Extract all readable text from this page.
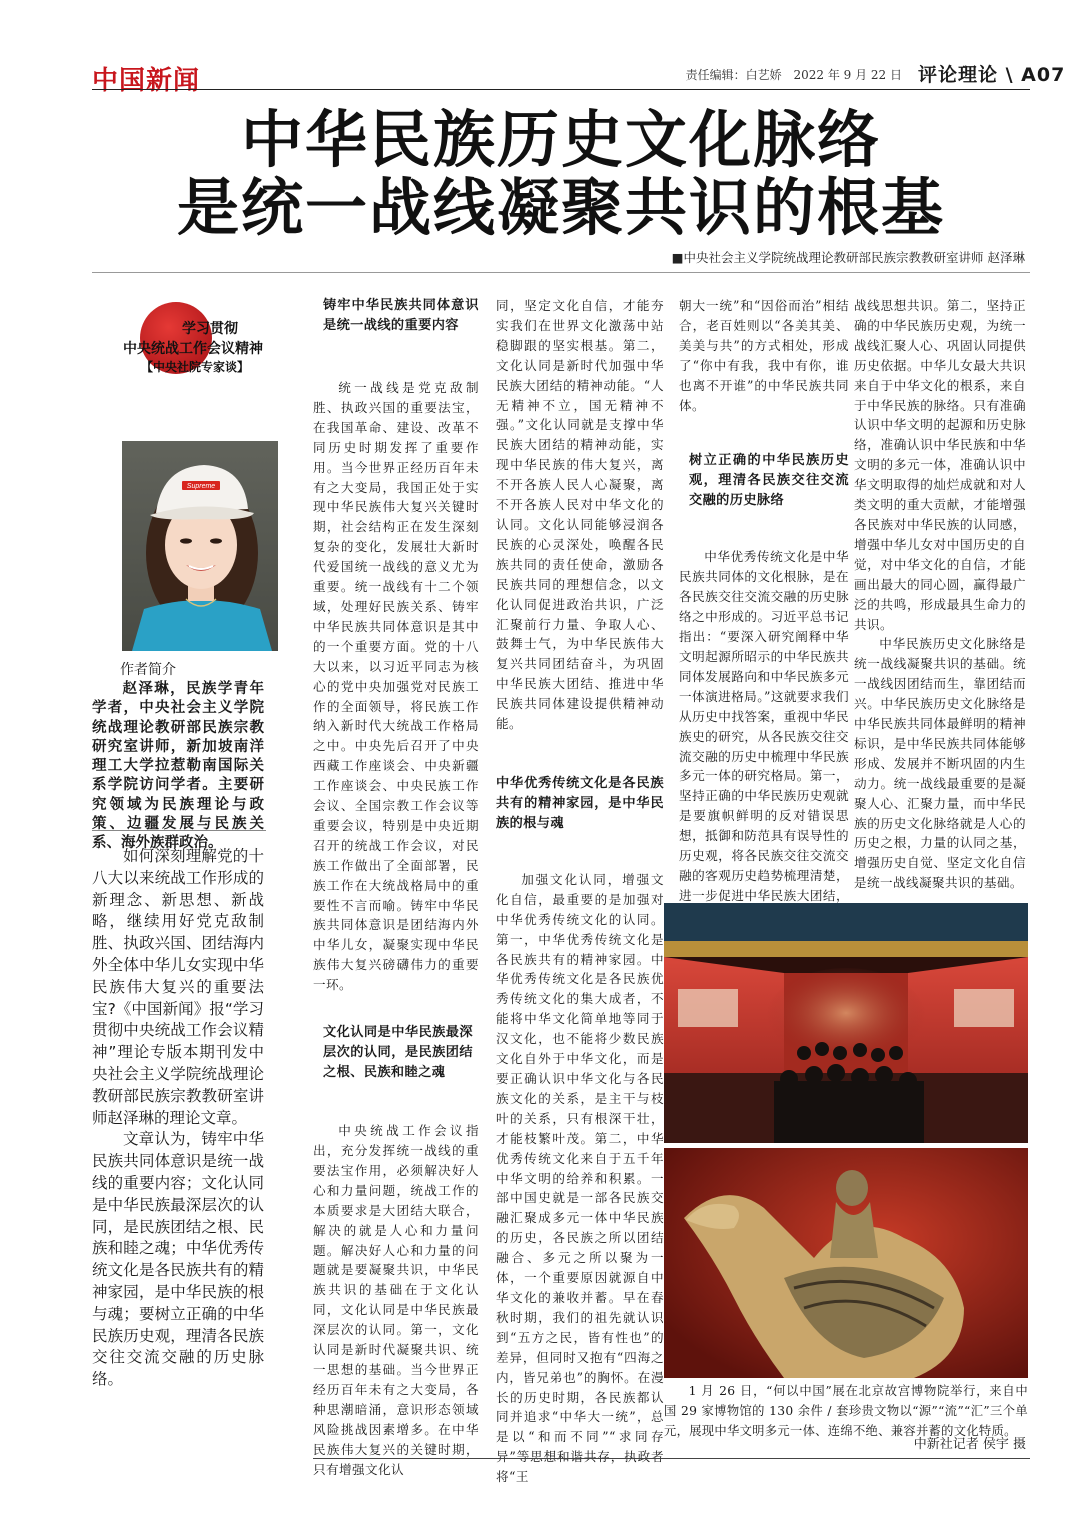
中国新闻	责任编辑：白艺娇 2022 年 9 月 22 日 评论理论 \ A07
中华民族历史文化脉络
是统一战线凝聚共识的根基
■中央社会主义学院统战理论教研部民族宗教教研室讲师 赵泽琳
学习贯彻
中央统战工作会议精神
【中央社院专家谈】
Supreme
作者简介
赵泽琳，民族学青年学者，中央社会主义学院统战理论教研部民族宗教研究室讲师，新加坡南洋理工大学拉惹勒南国际关系学院访问学者。主要研究领域为民族理论与政策、边疆发展与民族关系、海外族群政治。

如何深刻理解党的十八大以来统战工作形成的新理念、新思想、新战略，继续用好党克敌制胜、执政兴国、团结海内外全体中华儿女实现中华民族伟大复兴的重要法宝?《中国新闻》报“学习贯彻中央统战工作会议精神”理论专版本期刊发中央社会主义学院统战理论教研部民族宗教教研室讲师赵泽琳的理论文章。

文章认为，铸牢中华民族共同体意识是统一战线的重要内容；文化认同是中华民族最深层次的认同，是民族团结之根、民族和睦之魂；中华优秀传统文化是各民族共有的精神家园，是中华民族的根与魂；要树立正确的中华民族历史观，理清各民族交往交流交融的历史脉络。

铸牢中华民族共同体意识是统一战线的重要内容

统一战线是党克敌制胜、执政兴国的重要法宝，在我国革命、建设、改革不同历史时期发挥了重要作用。当今世界正经历百年未有之大变局，我国正处于实现中华民族伟大复兴关键时期，社会结构正在发生深刻复杂的变化，发展壮大新时代爱国统一战线的意义尤为重要。统一战线有十二个领域，处理好民族关系、铸牢中华民族共同体意识是其中的一个重要方面。党的十八大以来，以习近平同志为核心的党中央加强党对民族工作的全面领导，将民族工作纳入新时代大统战工作格局之中。中央先后召开了中央西藏工作座谈会、中央新疆工作座谈会、中央民族工作会议、全国宗教工作会议等重要会议，特别是中央近期召开的统战工作会议，对民族工作做出了全面部署，民族工作在大统战格局中的重要性不言而喻。铸牢中华民族共同体意识是团结海内外中华儿女，凝聚实现中华民族伟大复兴磅礴伟力的重要一环。

文化认同是中华民族最深层次的认同，是民族团结之根、民族和睦之魂

中央统战工作会议指出，充分发挥统一战线的重要法宝作用，必须解决好人心和力量问题，统战工作的本质要求是大团结大联合，解决的就是人心和力量问题。解决好人心和力量的问题就是要凝聚共识，中华民族共识的基础在于文化认同，文化认同是中华民族最深层次的认同。第一，文化认同是新时代凝聚共识、统一思想的基础。当今世界正经历百年未有之大变局，各种思潮暗涌，意识形态领域风险挑战因素增多。在中华民族伟大复兴的关键时期，只有增强文化认

同，坚定文化自信，才能夯实我们在世界文化激荡中站稳脚跟的坚实根基。第二，文化认同是新时代加强中华民族大团结的精神动能。“人无精神不立，国无精神不强。”文化认同就是支撑中华民族大团结的精神动能，实现中华民族的伟大复兴，离不开各族人民人心凝聚，离不开各族人民对中华文化的认同。文化认同能够浸润各民族的心灵深处，唤醒各民族共同的责任使命，激励各民族共同的理想信念，以文化认同促进政治共识，广泛汇聚前行力量、争取人心、鼓舞士气，为中华民族伟大复兴共同团结奋斗，为巩固中华民族大团结、推进中华民族共同体建设提供精神动能。

中华优秀传统文化是各民族共有的精神家园，是中华民族的根与魂

加强文化认同，增强文化自信，最重要的是加强对中华优秀传统文化的认同。第一，中华优秀传统文化是各民族共有的精神家园。中华优秀传统文化是各民族优秀传统文化的集大成者，不能将中华文化简单地等同于汉文化，也不能将少数民族文化自外于中华文化，而是要正确认识中华文化与各民族文化的关系，是主干与枝叶的关系，只有根深干壮，才能枝繁叶茂。第二，中华优秀传统文化来自于五千年中华文明的给养和积累。一部中国史就是一部各民族交融汇聚成多元一体中华民族的历史，各民族之所以团结融合、多元之所以聚为一体，一个重要原因就源自中华文化的兼收并蓄。早在春秋时期，我们的祖先就认识到“五方之民，皆有性也”的差异，但同时又抱有“四海之内，皆兄弟也”的胸怀。在漫长的历史时期，各民族都认同并追求“中华大一统”，总是以“和而不同”“求同存异”等思想和谐共存，执政者将“王

朝大一统”和“因俗而治”相结合，老百姓则以“各美其美、美美与共”的方式相处，形成了“你中有我，我中有你，谁也离不开谁”的中华民族共同体。

树立正确的中华民族历史观，理清各民族交往交流交融的历史脉络

中华优秀传统文化是中华民族共同体的文化根脉，是在各民族交往交流交融的历史脉络之中形成的。习近平总书记指出：“要深入研究阐释中华文明起源所昭示的中华民族共同体发展路向和中华民族多元一体演进格局。”这就要求我们从历史中找答案，重视中华民族史的研究，从各民族交往交流交融的历史中梳理中华民族多元一体的研究格局。第一，坚持正确的中华民族历史观就是要旗帜鲜明的反对错误思想，抵御和防范具有误导性的历史观，将各民族交往交流交融的客观历史趋势梳理清楚，进一步促进中华民族大团结，

战线思想共识。第二，坚持正确的中华民族历史观，为统一战线汇聚人心、巩固认同提供历史依据。中华儿女最大共识来自于中华文化的根系，来自于中华民族的脉络。只有准确认识中华文明的起源和历史脉络，准确认识中华民族和中华文明的多元一体，准确认识中华文明取得的灿烂成就和对人类文明的重大贡献，才能增强各民族对中华民族的认同感，增强中华儿女对中国历史的自觉，对中华文化的自信，才能画出最大的同心圆，赢得最广泛的共鸣，形成最具生命力的共识。

中华民族历史文化脉络是统一战线凝聚共识的基础。统一战线因团结而生，靠团结而兴。中华民族历史文化脉络是中华民族共同体最鲜明的精神标识，是中华民族共同体能够形成、发展并不断巩固的内生动力。统一战线最重要的是凝聚人心、汇聚力量，而中华民族的历史文化脉络就是人心的历史之根，力量的认同之基，增强历史自觉、坚定文化自信是统一战线凝聚共识的基础。

1 月 26 日，“何以中国”展在北京故宫博物院举行，来自中国 29 家博物馆的 130 余件 / 套珍贵文物以“源”“流”“汇”三个单元，展现中华文明多元一体、连绵不绝、兼容并蓄的文化特质。
中新社记者 侯宇 摄
